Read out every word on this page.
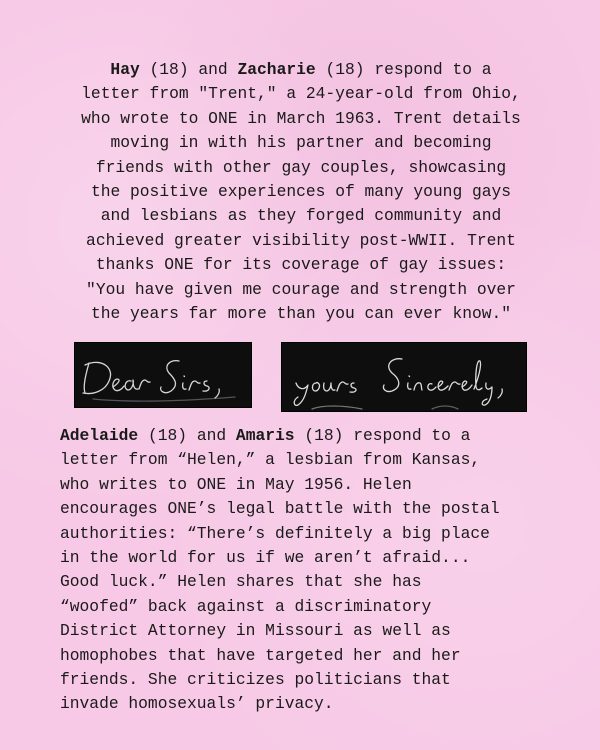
Hay (18) and Zacharie (18) respond to a
letter from "Trent," a 24-year-old from Ohio,
who wrote to ONE in March 1963. Trent details
moving in with his partner and becoming
friends with other gay couples, showcasing
the positive experiences of many young gays
and lesbians as they forged community and
achieved greater visibility post-WWII. Trent
thanks ONE for its coverage of gay issues:
"You have given me courage and strength over
the years far more than you can ever know."
Dear Sirs,	Yours Sincerely,
Adelaide (18) and Amaris (18) respond to a
letter from “Helen,” a lesbian from Kansas,
who writes to ONE in May 1956. Helen
encourages ONE’s legal battle with the postal
authorities: “There’s definitely a big place
in the world for us if we aren’t afraid...
Good luck.” Helen shares that she has
“woofed” back against a discriminatory
District Attorney in Missouri as well as
homophobes that have targeted her and her
friends. She criticizes politicians that
invade homosexuals’ privacy.
